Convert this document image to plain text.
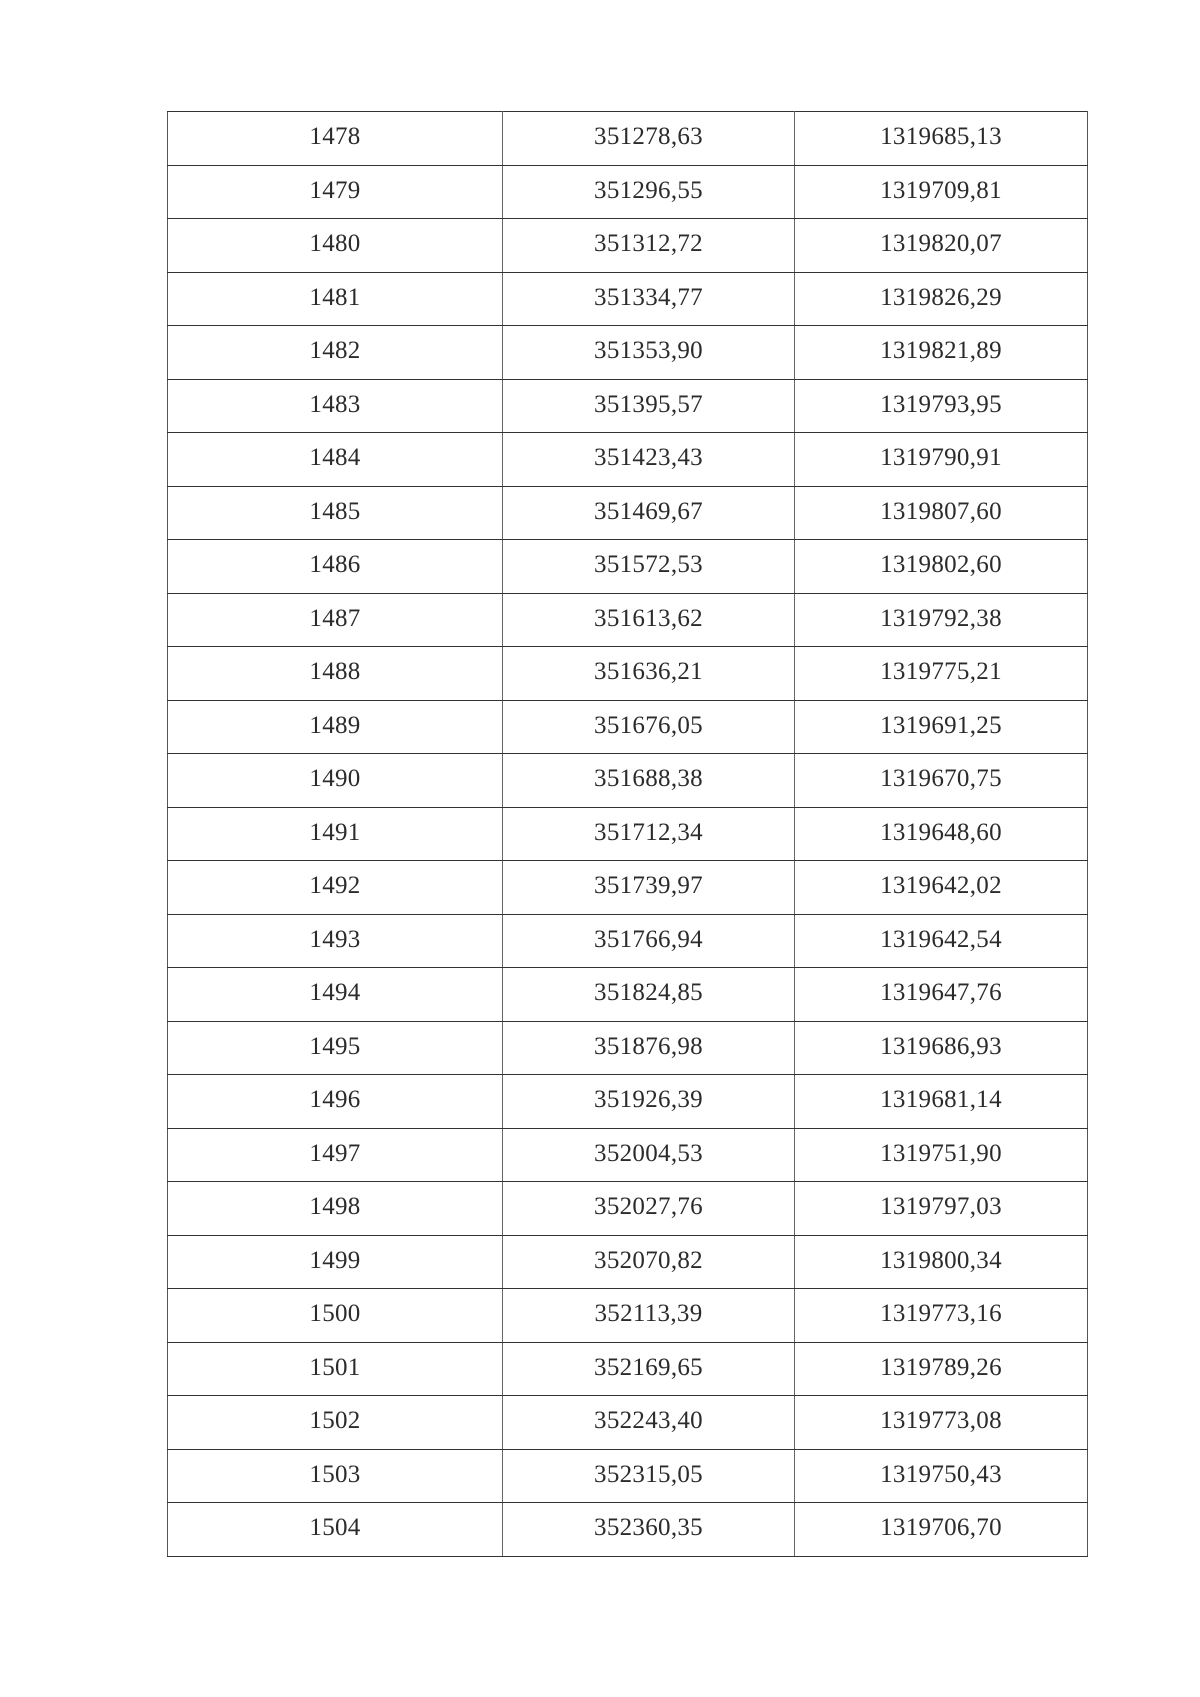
1478	351278,63	1319685,13
1479	351296,55	1319709,81
1480	351312,72	1319820,07
1481	351334,77	1319826,29
1482	351353,90	1319821,89
1483	351395,57	1319793,95
1484	351423,43	1319790,91
1485	351469,67	1319807,60
1486	351572,53	1319802,60
1487	351613,62	1319792,38
1488	351636,21	1319775,21
1489	351676,05	1319691,25
1490	351688,38	1319670,75
1491	351712,34	1319648,60
1492	351739,97	1319642,02
1493	351766,94	1319642,54
1494	351824,85	1319647,76
1495	351876,98	1319686,93
1496	351926,39	1319681,14
1497	352004,53	1319751,90
1498	352027,76	1319797,03
1499	352070,82	1319800,34
1500	352113,39	1319773,16
1501	352169,65	1319789,26
1502	352243,40	1319773,08
1503	352315,05	1319750,43
1504	352360,35	1319706,70
